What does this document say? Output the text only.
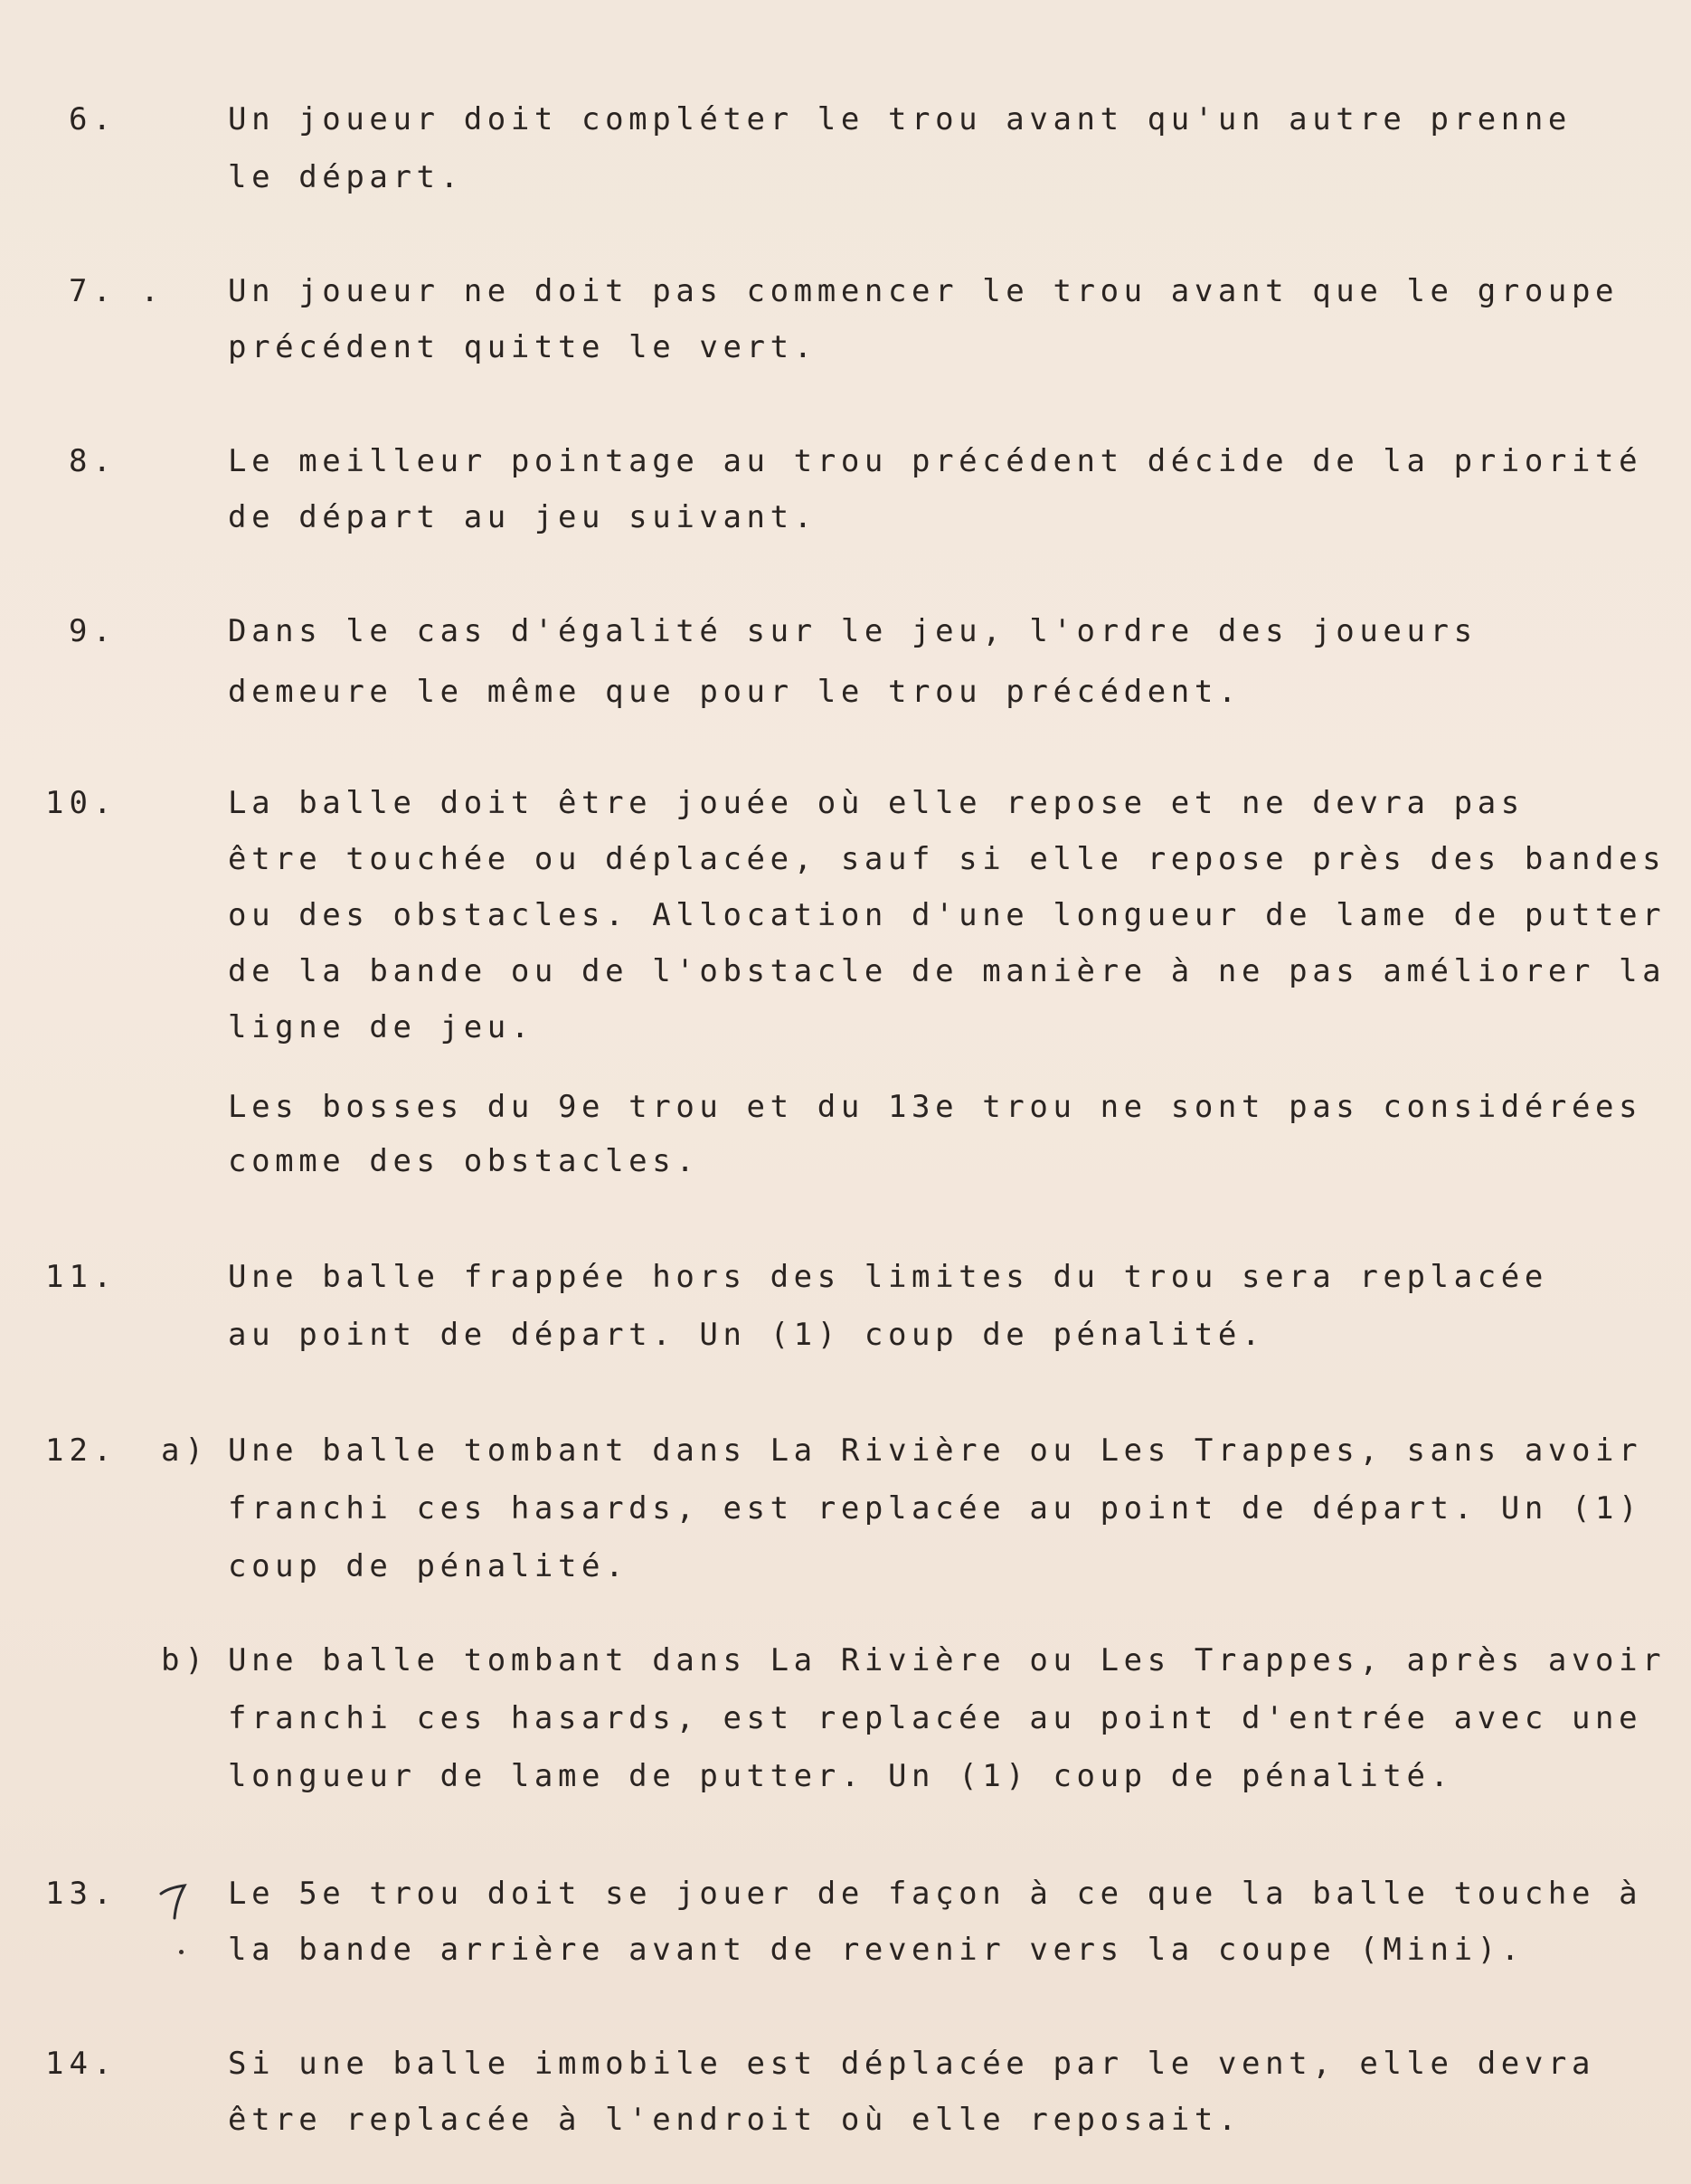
6.	Un joueur doit compléter le trou avant qu'un autre prenne
le départ.
7. . Un joueur ne doit pas commencer le trou avant que le groupe
précédent quitte le vert.
8.	Le meilleur pointage au trou précédent décide de la priorité
de départ au jeu suivant.
9.	Dans le cas d'égalité sur le jeu, l'ordre des joueurs
demeure le même que pour le trou précédent.
10.	La balle doit être jouée où elle repose et ne devra pas
être touchée ou déplacée, sauf si elle repose près des bandes
ou des obstacles. Allocation d'une longueur de lame de putter
de la bande ou de l'obstacle de manière à ne pas améliorer la
ligne de jeu.
Les bosses du 9e trou et du 13e trou ne sont pas considérées
comme des obstacles.
11.	Une balle frappée hors des limites du trou sera replacée
au point de départ. Un (1) coup de pénalité.
12. a) Une balle tombant dans La Rivière ou Les Trappes, sans avoir
franchi ces hasards, est replacée au point de départ. Un (1)
coup de pénalité.
b) Une balle tombant dans La Rivière ou Les Trappes, après avoir
franchi ces hasards, est replacée au point d'entrée avec une
longueur de lame de putter. Un (1) coup de pénalité.
13.	Le 5e trou doit se jouer de façon à ce que la balle touche à
la bande arrière avant de revenir vers la coupe (Mini).
14.	Si une balle immobile est déplacée par le vent, elle devra
être replacée à l'endroit où elle reposait.
